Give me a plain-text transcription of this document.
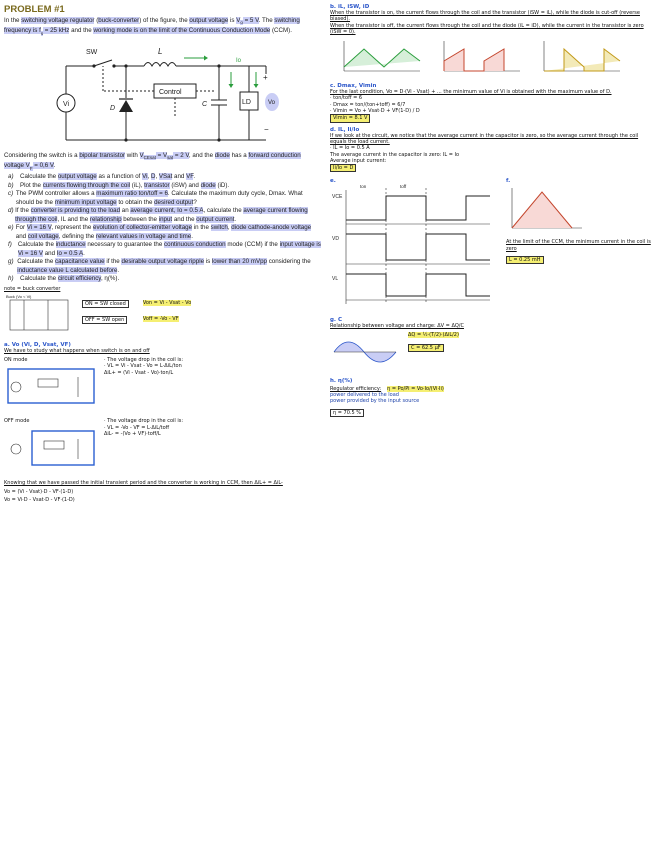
PROBLEM #1

In the switching voltage regulator (buck-converter) of the figure, the output voltage is $V_o = 5$ V. The switching frequency is $f_s = 25$ kHz and the working mode is on the limit of the Continuous Conduction Mode (CCM).

Vi
SW	L
Control
D
C	LD
Io
Vo
+
−

Considering the switch is a bipolar transistor with $V_{CEsat} = V_{sat} = 2$ V, and the diode has a forward conduction voltage $V_F = 0,6$ V.

a)	Calculate the output voltage as a function of Vi, D, VSat and VF.
b)	Plot the currents flowing through the coil (iL), transistor (iSW) and diode (iD).
c) The PWM controller allows a maximum ratio ton/toff = 6. Calculate the maximum duty cycle, Dmax. What should be the minimum input voltage to obtain the desired output?
d) If the converter is providing to the load an average current, Io = 0.5 A, calculate the average current flowing through the coil, IL and the relationship between the input and the output current.
e) For Vi = 16 V, represent the evolution of collector-emitter voltage in the switch, diode cathode-anode voltage and coil voltage, defining the relevant values in voltage and time.
f) Calculate the inductance necessary to guarantee the continuous conduction mode (CCM) if the input voltage is Vi = 16 V and Io = 0.5 A.
g) Calculate the capacitance value if the desirable output voltage ripple is lower than 20 mVpp considering the inductance value L calculated before.
h)	Calculate the circuit efficiency, η(%).
note = buck converter
Buck (Vo < Vi)
ON = SW closed
OFF = SW open
Von = Vi - Vsat - Vo
Voff = -Vo - VF
a. Vo (Vi, D, Vsat, VF)
We have to study what happens when switch is on and off
ON mode	· The voltage drop in the coil is:
· VL = Vi - Vsat - Vo = L·ΔiL/ton
ΔiL+ = (Vi - Vsat - Vo)·ton/L
OFF mode	· The voltage drop in the coil is:
· VL = -Vo - VF = L·ΔiL/toff
ΔiL- = -(Vo + VF)·toff/L
Knowing that we have passed the initial transient period and the converter is working in CCM, then ΔiL+ = ΔiL-
Vo = (Vi - Vsat)·D - VF·(1-D)
Vo = Vi·D - Vsat·D - VF·(1-D)
b. iL, iSW, iD
When the transistor is on, the current flows through the coil and the transistor (iSW = iL), while the diode is cut-off (reverse biased).
When the transistor is off, the current flows through the coil and the diode (iL = iD), while the current in the transistor is zero (iSW = 0).
c. Dmax, Vimin
For the last condition, Vo = D·(Vi - Vsat) + ... the minimum value of Vi is obtained with the maximum value of D.
· ton/toff = 6
· Dmax = ton/(ton+toff) = 6/7
· Vimin = Vo + Vsat·D + VF(1-D) / D
Vimin = 8.1 V
d. IL, Ii/Io
If we look at the circuit, we notice that the average current in the capacitor is zero, so the average current through the coil equals the load current.
· IL = Io = 0.5 A
The average current in the capacitor is zero: IL = Io
Average input current:
Ii/Io = D
e.
VCE
VD
VL
ton	toff
f.
At the limit of the CCM, the minimum current in the coil is zero
L = 0.25 mH
g. C
Relationship between voltage and charge: ΔV = ΔQ/C
ΔQ = ½·(T/2)·(ΔiL/2)
C = 62.5 µF
h. η(%)
Regulator efficiency: η = Po/Pi = Vo·Io/(Vi·Ii)
power delivered to the load
power provided by the input source
η = 70.5 %
